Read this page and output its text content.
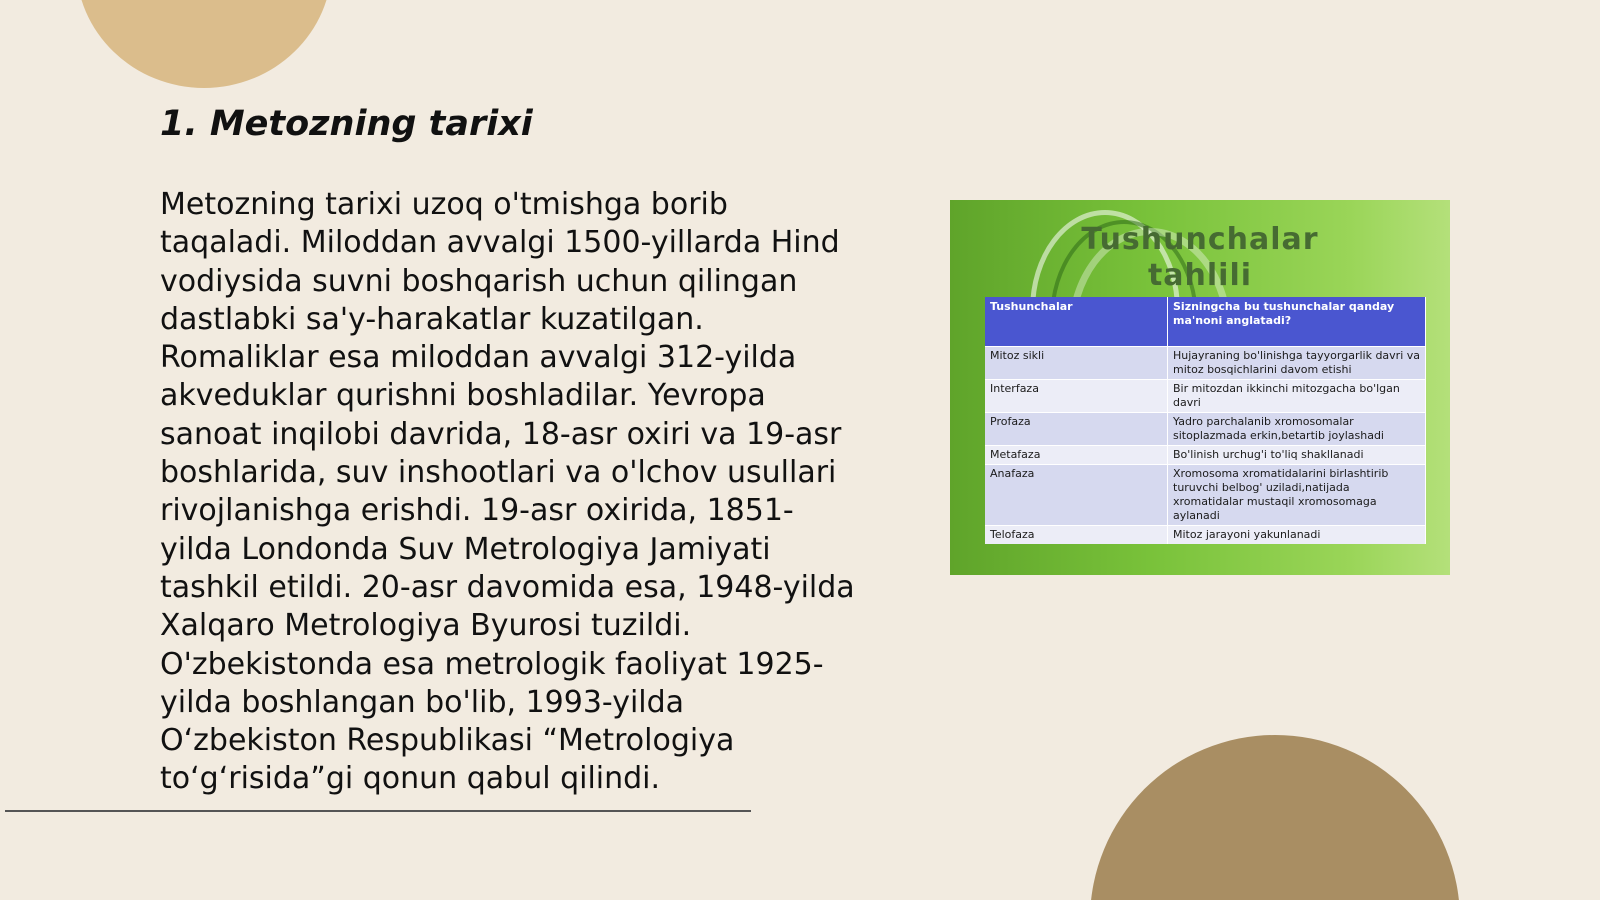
1. Metozning tarixi
Metozning tarixi uzoq o'tmishga borib
taqaladi. Miloddan avvalgi 1500-yillarda Hind
vodiysida suvni boshqarish uchun qilingan
dastlabki sa'y-harakatlar kuzatilgan.
Romaliklar esa miloddan avvalgi 312-yilda
akveduklar qurishni boshladilar. Yevropa
sanoat inqilobi davrida, 18-asr oxiri va 19-asr
boshlarida, suv inshootlari va o'lchov usullari
rivojlanishga erishdi. 19-asr oxirida, 1851-
yilda Londonda Suv Metrologiya Jamiyati
tashkil etildi. 20-asr davomida esa, 1948-yilda
Xalqaro Metrologiya Byurosi tuzildi.
O'zbekistonda esa metrologik faoliyat 1925-
yilda boshlangan bo'lib, 1993-yilda
O‘zbekiston Respublikasi “Metrologiya
to‘g‘risida”gi qonun qabul qilindi.
Tushunchalar
tahlili
Tushunchalar	Sizningcha bu tushunchalar qanday ma'noni anglatadi?
Mitoz sikli	Hujayraning bo'linishga tayyorgarlik davri va mitoz bosqichlarini davom etishi
Interfaza	Bir mitozdan ikkinchi mitozgacha bo'lgan davri
Profaza	Yadro parchalanib xromosomalar sitoplazmada erkin,betartib joylashadi
Metafaza	Bo'linish urchug'i to'liq shakllanadi
Anafaza	Xromosoma xromatidalarini birlashtirib turuvchi belbog' uziladi,natijada xromatidalar mustaqil xromosomaga aylanadi
Telofaza	Mitoz jarayoni yakunlanadi
